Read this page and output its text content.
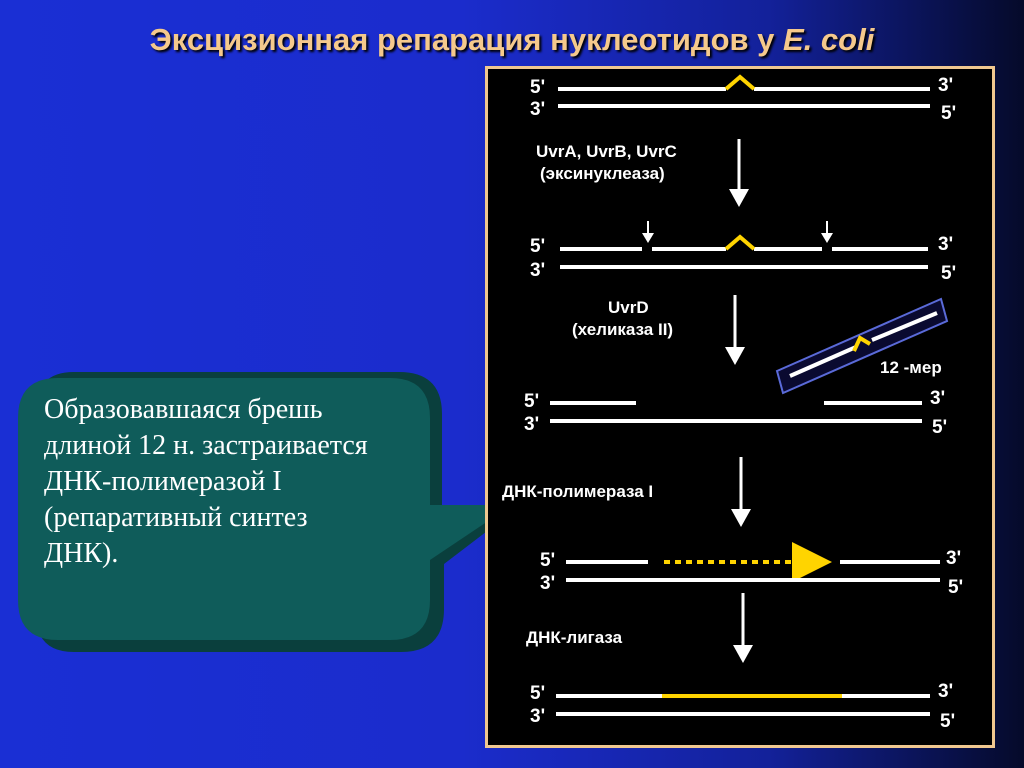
Эксцизионная репарация нуклеотидов у E. coli
Образовавшаяся брешь
длиной 12 н. застраивается
ДНК-полимеразой I
(репаративный синтез
ДНК).
5'
3'
3'
5'
UvrA, UvrB, UvrC
(эксинуклеаза)
5'
3'
3'
5'
UvrD
(хеликаза II)
12 -мер
5'
3'
3'
5'
ДНК-полимераза I
5'
3'
3'
5'
ДНК-лигаза
5'
3'
3'
5'
